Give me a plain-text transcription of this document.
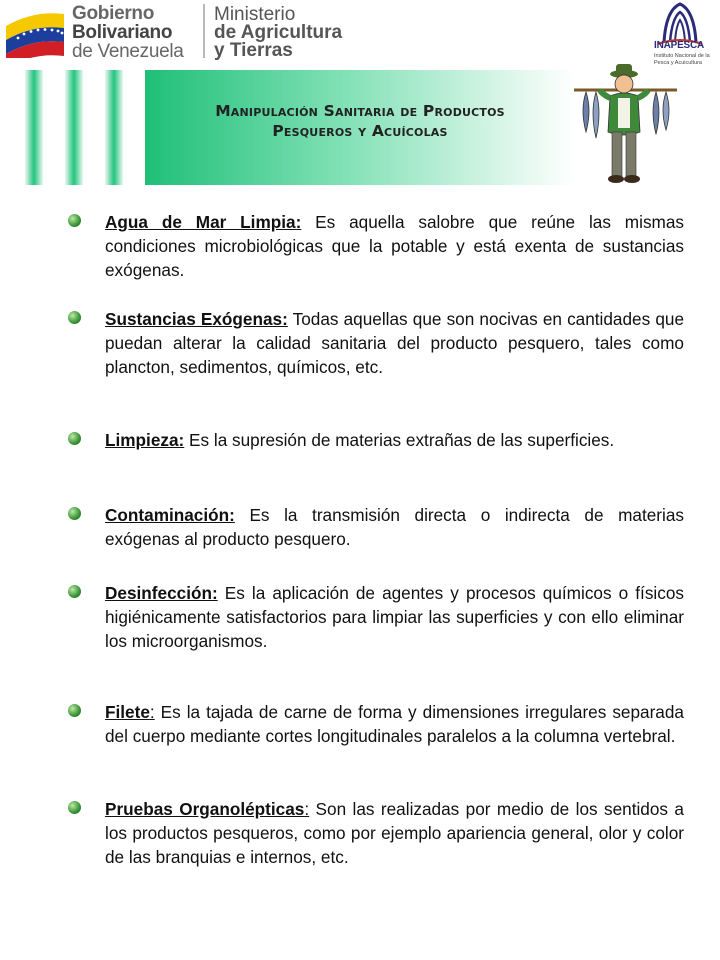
Gobierno
Bolivariano
de Venezuela
Ministerio
de Agricultura
y Tierras	INAPESCA
Instituto Nacional de la Pesca y Acuicultura
Manipulación Sanitaria de Productos
Pesqueros y Acuícolas
Agua de Mar Limpia: Es aquella salobre que reúne las mismas condiciones microbiológicas que la potable y está exenta de sustancias exógenas.
Sustancias Exógenas: Todas aquellas que son nocivas en cantidades que puedan alterar la calidad sanitaria del producto pesquero, tales como plancton, sedimentos, químicos, etc.
Limpieza: Es la supresión de materias extrañas de las superficies.
Contaminación: Es la transmisión directa o indirecta de materias exógenas al producto pesquero.
Desinfección: Es la aplicación de agentes y procesos químicos o físicos higiénicamente satisfactorios para limpiar las superficies y con ello eliminar los microorganismos.
Filete: Es la tajada de carne de forma y dimensiones irregulares separada del cuerpo mediante cortes longitudinales paralelos a la columna vertebral.
Pruebas Organolépticas: Son las realizadas por medio de los sentidos a los productos pesqueros, como por ejemplo apariencia general, olor y color de las branquias e internos, etc.
